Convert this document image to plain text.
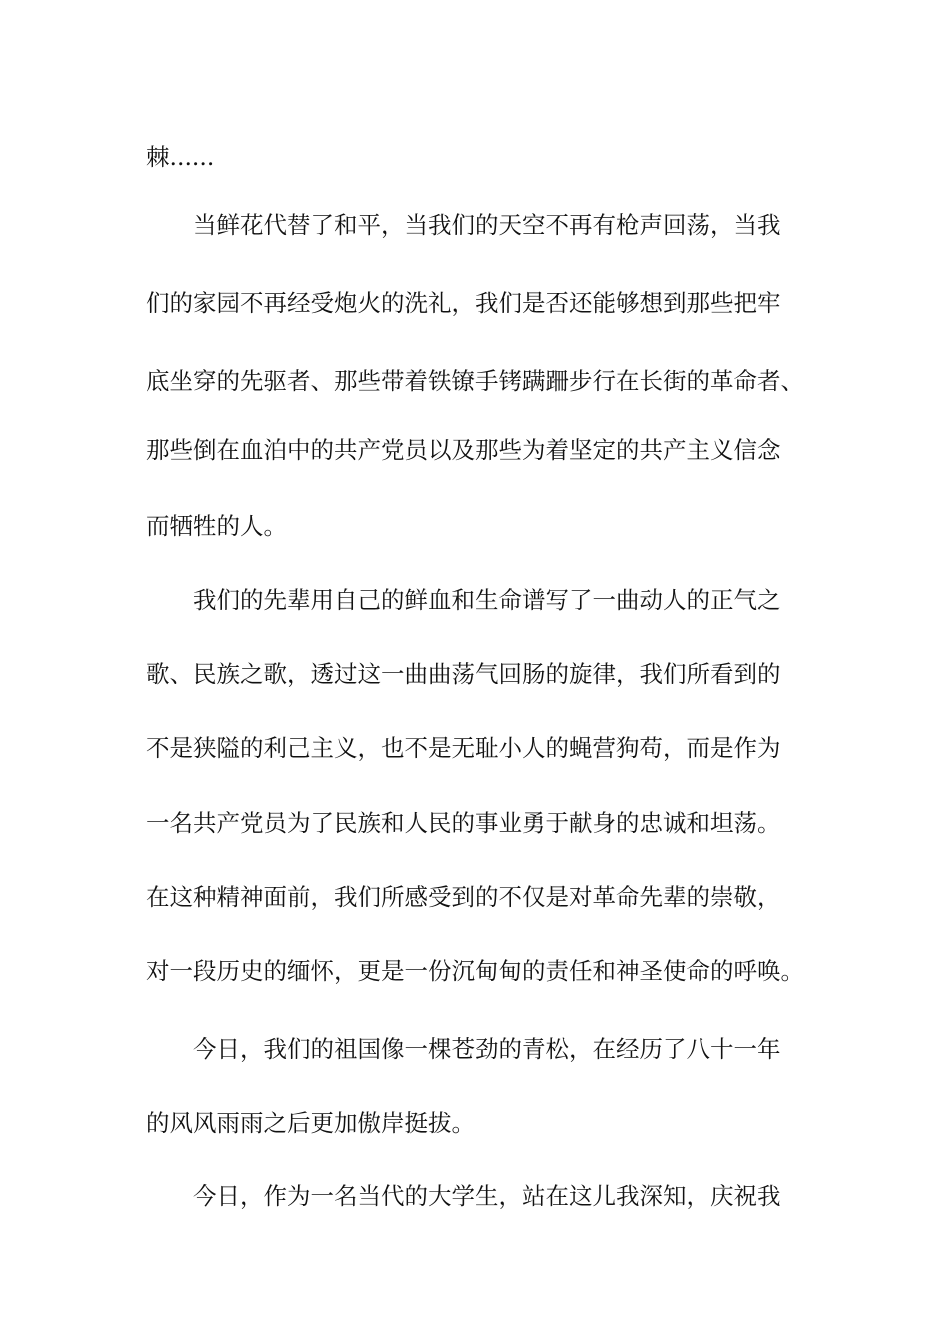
棘......
当鲜花代替了和平，当我们的天空不再有枪声回荡，当我
们的家园不再经受炮火的洗礼，我们是否还能够想到那些把牢
底坐穿的先驱者、那些带着铁镣手铐蹒跚步行在长街的革命者、
那些倒在血泊中的共产党员以及那些为着坚定的共产主义信念
而牺牲的人。
我们的先辈用自己的鲜血和生命谱写了一曲动人的正气之
歌、民族之歌，透过这一曲曲荡气回肠的旋律，我们所看到的
不是狭隘的利己主义，也不是无耻小人的蝇营狗苟，而是作为
一名共产党员为了民族和人民的事业勇于献身的忠诚和坦荡。
在这种精神面前，我们所感受到的不仅是对革命先辈的崇敬，
对一段历史的缅怀，更是一份沉甸甸的责任和神圣使命的呼唤。
今日，我们的祖国像一棵苍劲的青松，在经历了八十一年
的风风雨雨之后更加傲岸挺拔。
今日，作为一名当代的大学生，站在这儿我深知，庆祝我
